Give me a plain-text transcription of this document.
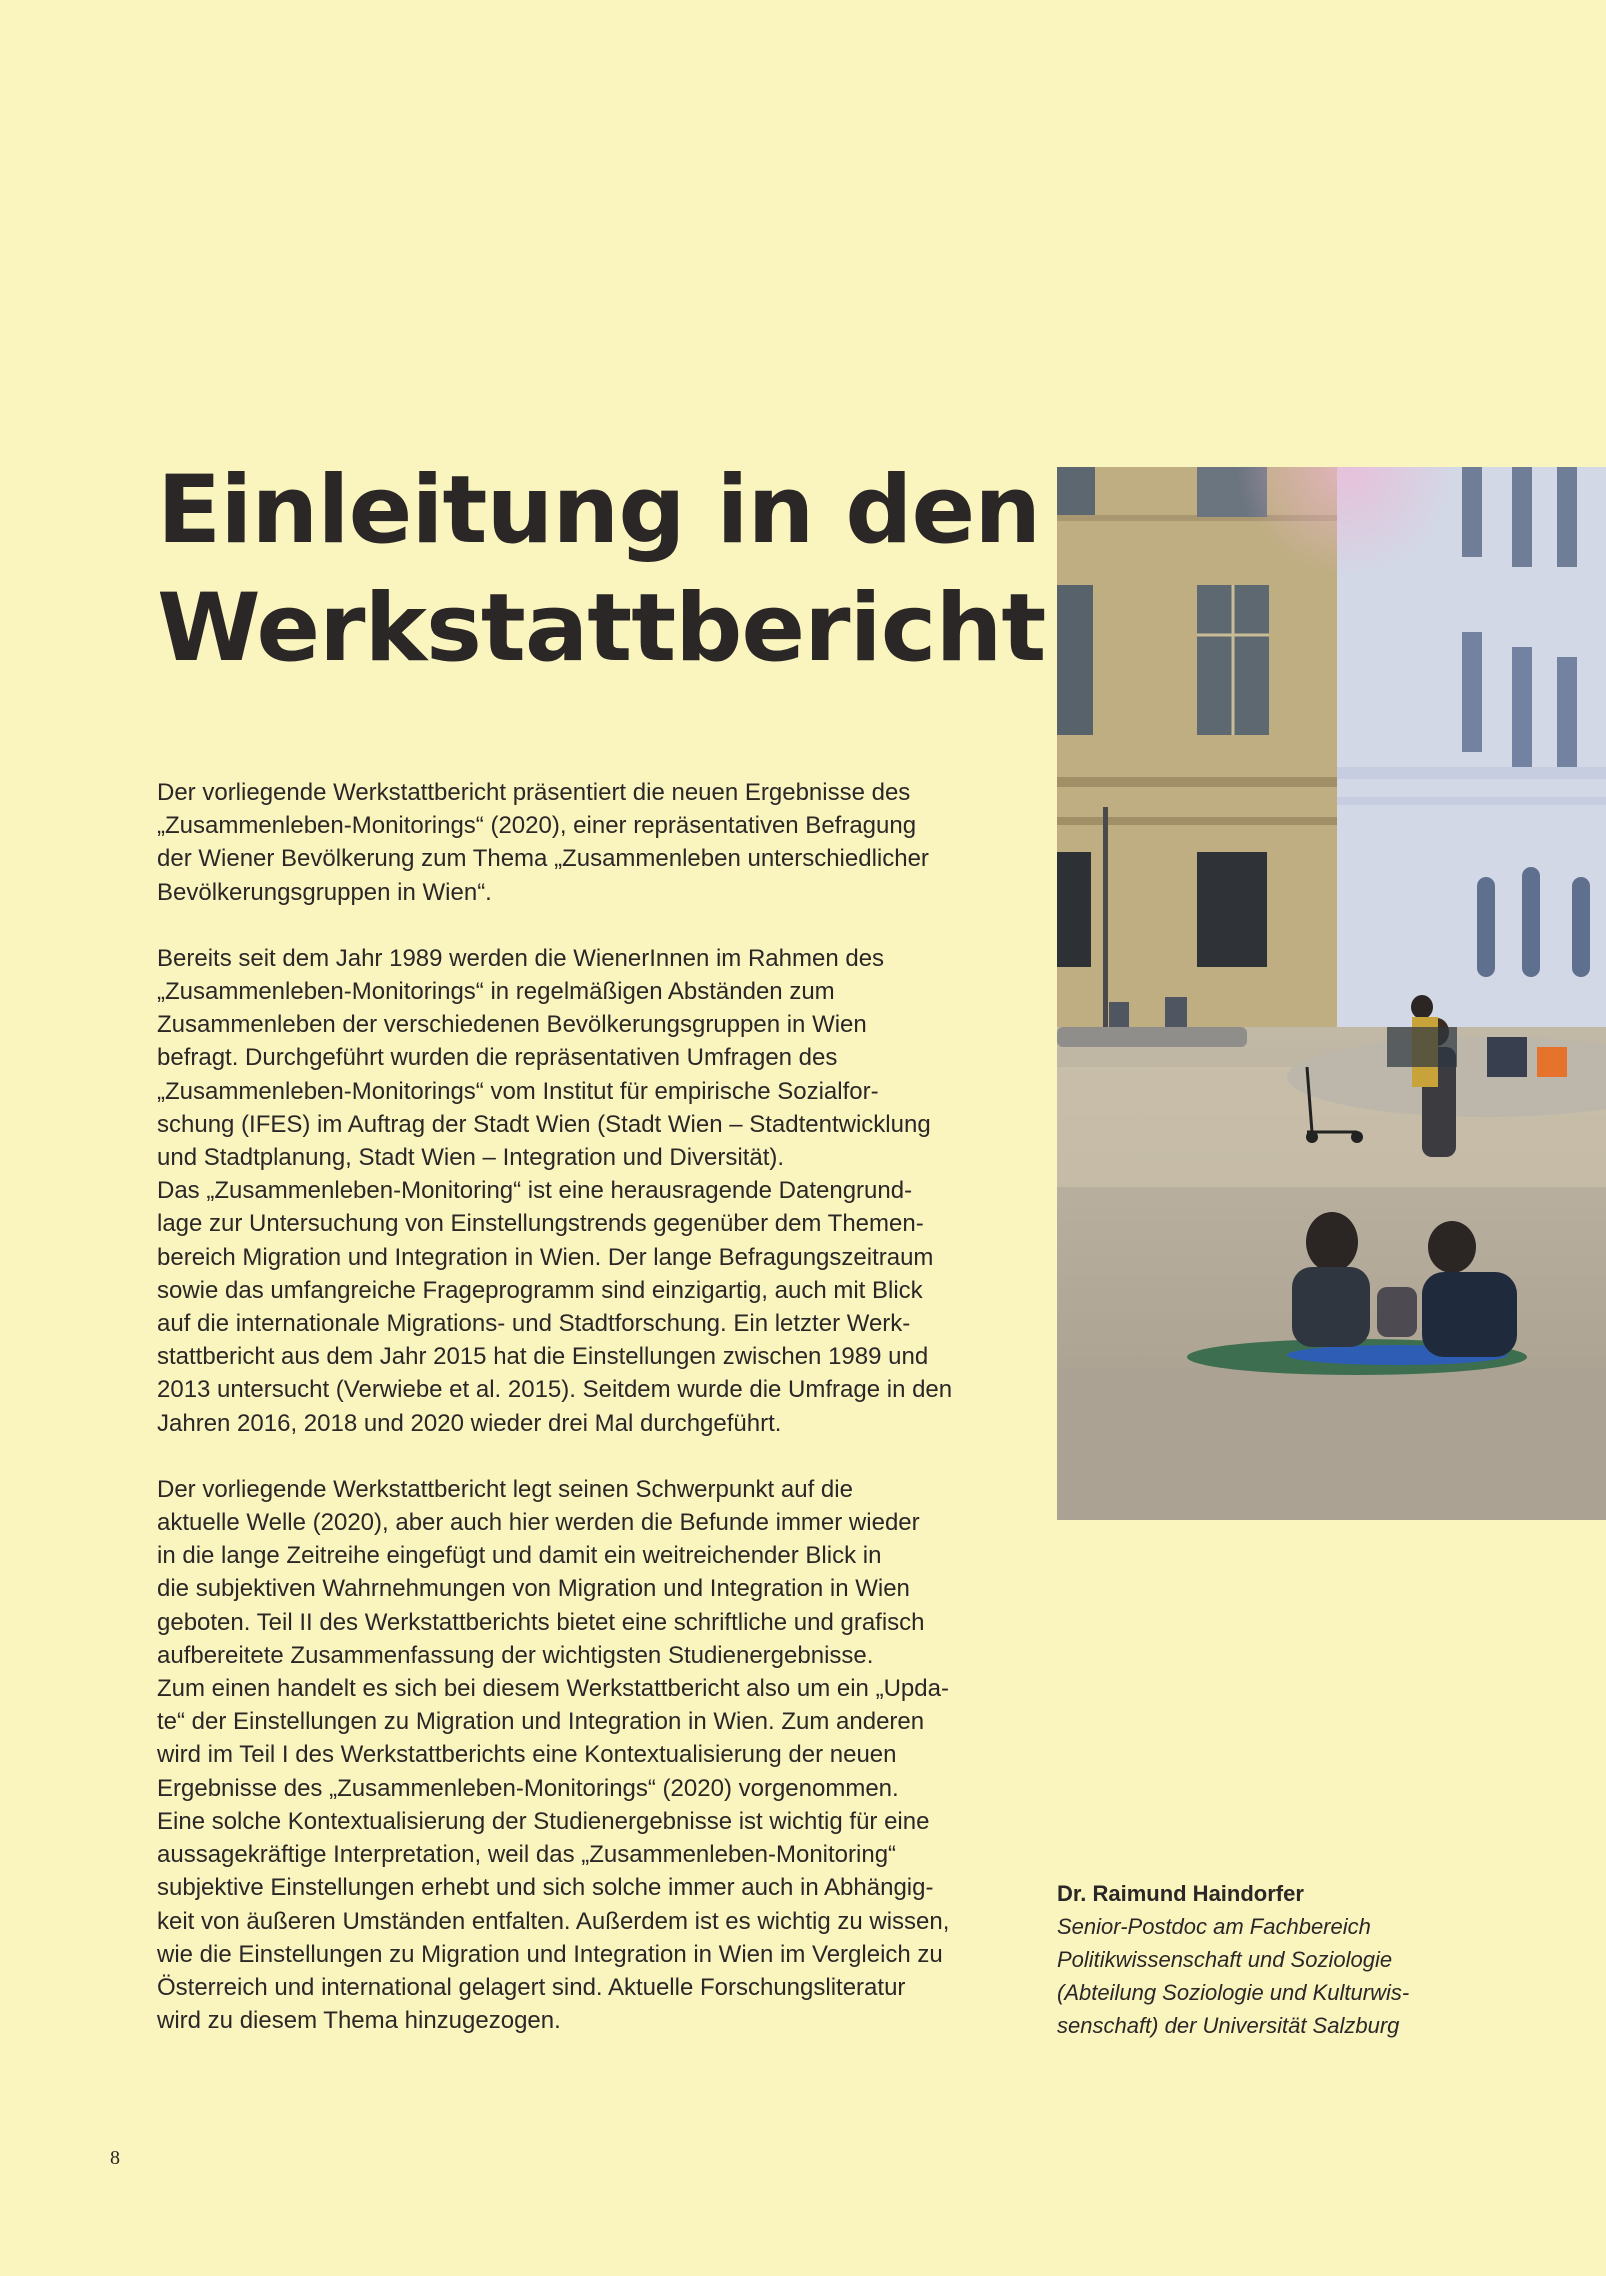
Einleitung in den
Werkstattbericht
Der vorliegende Werkstattbericht präsentiert die neuen Ergebnisse des
„Zusammenleben-Monitorings“ (2020), einer repräsentativen Befragung
der Wiener Bevölkerung zum Thema „Zusammenleben unterschiedlicher
Bevölkerungsgruppen in Wien“.
Bereits seit dem Jahr 1989 werden die WienerInnen im Rahmen des
„Zusammenleben-Monitorings“ in regelmäßigen Abständen zum
Zusammenleben der verschiedenen Bevölkerungsgruppen in Wien
befragt. Durchgeführt wurden die repräsentativen Umfragen des
„Zusammenleben-Monitorings“ vom Institut für empirische Sozialfor-
schung (IFES) im Auftrag der Stadt Wien (Stadt Wien – Stadtentwicklung
und Stadtplanung, Stadt Wien – Integration und Diversität).
Das „Zusammenleben-Monitoring“ ist eine herausragende Datengrund-
lage zur Untersuchung von Einstellungstrends gegenüber dem Themen-
bereich Migration und Integration in Wien. Der lange Befragungszeitraum
sowie das umfangreiche Frageprogramm sind einzigartig, auch mit Blick
auf die internationale Migrations- und Stadtforschung. Ein letzter Werk-
stattbericht aus dem Jahr 2015 hat die Einstellungen zwischen 1989 und
2013 untersucht (Verwiebe et al. 2015). Seitdem wurde die Umfrage in den
Jahren 2016, 2018 und 2020 wieder drei Mal durchgeführt.
Der vorliegende Werkstattbericht legt seinen Schwerpunkt auf die
aktuelle Welle (2020), aber auch hier werden die Befunde immer wieder
in die lange Zeitreihe eingefügt und damit ein weitreichender Blick in
die subjektiven Wahrnehmungen von Migration und Integration in Wien
geboten. Teil II des Werkstattberichts bietet eine schriftliche und grafisch
aufbereitete Zusammenfassung der wichtigsten Studienergebnisse.
Zum einen handelt es sich bei diesem Werkstattbericht also um ein „Upda-
te“ der Einstellungen zu Migration und Integration in Wien. Zum anderen
wird im Teil I des Werkstattberichts eine Kontextualisierung der neuen
Ergebnisse des „Zusammenleben-Monitorings“ (2020) vorgenommen.
Eine solche Kontextualisierung der Studienergebnisse ist wichtig für eine
aussagekräftige Interpretation, weil das „Zusammenleben-Monitoring“
subjektive Einstellungen erhebt und sich solche immer auch in Abhängig-
keit von äußeren Umständen entfalten. Außerdem ist es wichtig zu wissen,
wie die Einstellungen zu Migration und Integration in Wien im Vergleich zu
Österreich und international gelagert sind. Aktuelle Forschungsliteratur
wird zu diesem Thema hinzugezogen.
Dr. Raimund Haindorfer
Senior-Postdoc am Fachbereich
Politikwissenschaft und Soziologie
(Abteilung Soziologie und Kulturwis-
senschaft) der Universität Salzburg
8
